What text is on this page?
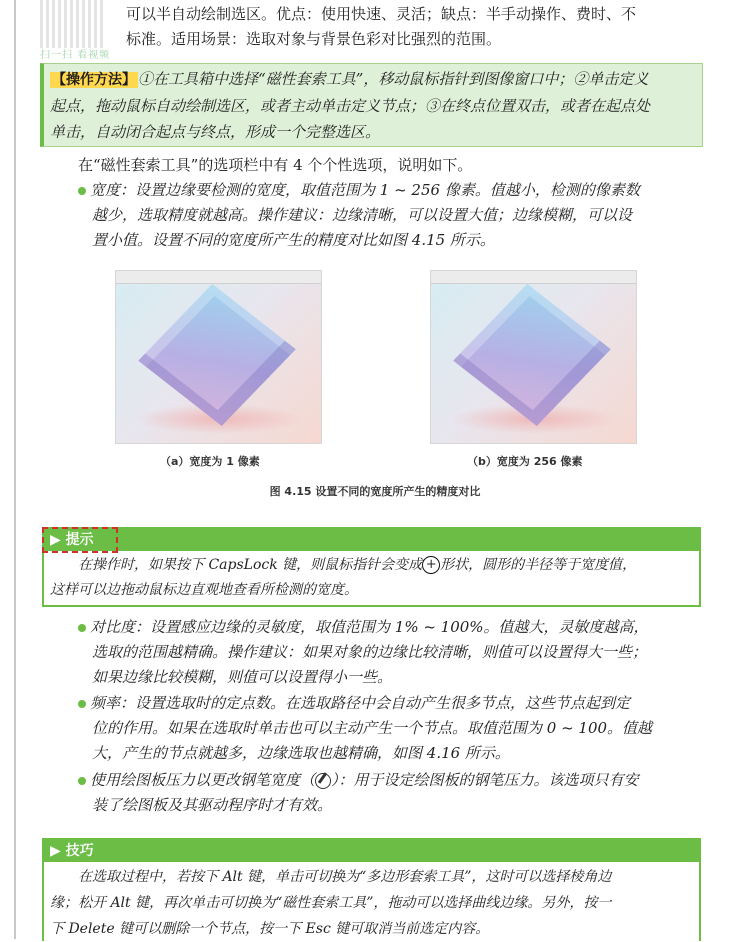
扫一扫 看视频

可以半自动绘制选区。优点：使用快速、灵活；缺点：半手动操作、费时、不

标准。适用场景：选取对象与背景色彩对比强烈的范围。

【操作方法】 ①在工具箱中选择“磁性套索工具”，移动鼠标指针到图像窗口中；②单击定义
起点，拖动鼠标自动绘制选区，或者主动单击定义节点；③在终点位置双击，或者在起点处
单击，自动闭合起点与终点，形成一个完整选区。

在“磁性套索工具”的选项栏中有 4 个个性选项，说明如下。

宽度：设置边缘要检测的宽度，取值范围为 1 ~ 256 像素。值越小，检测的像素数
越少，选取精度就越高。操作建议：边缘清晰，可以设置大值；边缘模糊，可以设
置小值。设置不同的宽度所产生的精度对比如图 4.15 所示。
（a）宽度为 1 像素	（b）宽度为 256 像素
图 4.15 设置不同的宽度所产生的精度对比
▶ 提示
在操作时，如果按下 CapsLock 键，则鼠标指针会变成 + 形状，圆形的半径等于宽度值，
这样可以边拖动鼠标边直观地查看所检测的宽度。
对比度：设置感应边缘的灵敏度，取值范围为 1% ~ 100%。值越大，灵敏度越高，
选取的范围越精确。操作建议：如果对象的边缘比较清晰，则值可以设置得大一些；
如果边缘比较模糊，则值可以设置得小一些。
频率：设置选取时的定点数。在选取路径中会自动产生很多节点，这些节点起到定
位的作用。如果在选取时单击也可以主动产生一个节点。取值范围为 0 ~ 100。值越
大，产生的节点就越多，边缘选取也越精确，如图 4.16 所示。
使用绘图板压力以更改钢笔宽度（ ）：用于设定绘图板的钢笔压力。该选项只有安
装了绘图板及其驱动程序时才有效。
▶ 技巧
在选取过程中，若按下 Alt 键，单击可切换为“多边形套索工具”，这时可以选择棱角边
缘；松开 Alt 键，再次单击可切换为“磁性套索工具”，拖动可以选择曲线边缘。另外，按一
下 Delete 键可以删除一个节点，按一下 Esc 键可取消当前选定内容。
